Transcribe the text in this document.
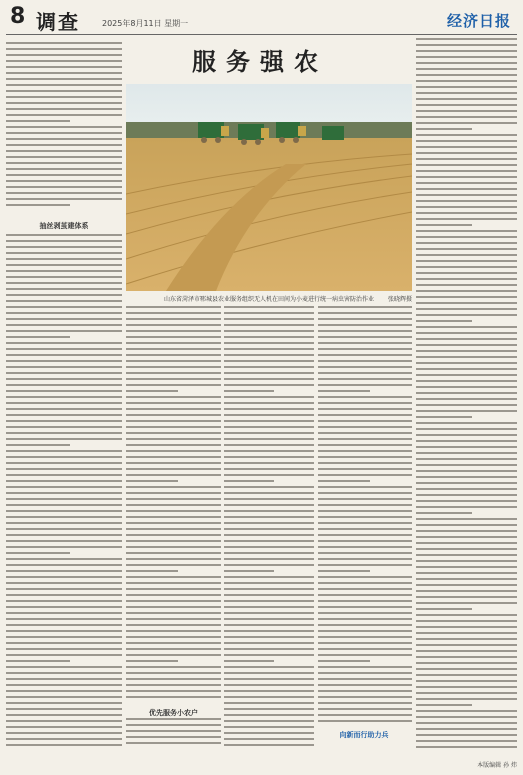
8 调查	2025年8月11日 星期一	经济日报
服务强农
山东省菏泽市郓城县农业服务组织无人机在田间为小麦进行统一病虫害防治作业 张晓辉摄
抽丝剥茧建体系
优先服务小农户
向新而行助力兵
本版编辑 孙 炜
